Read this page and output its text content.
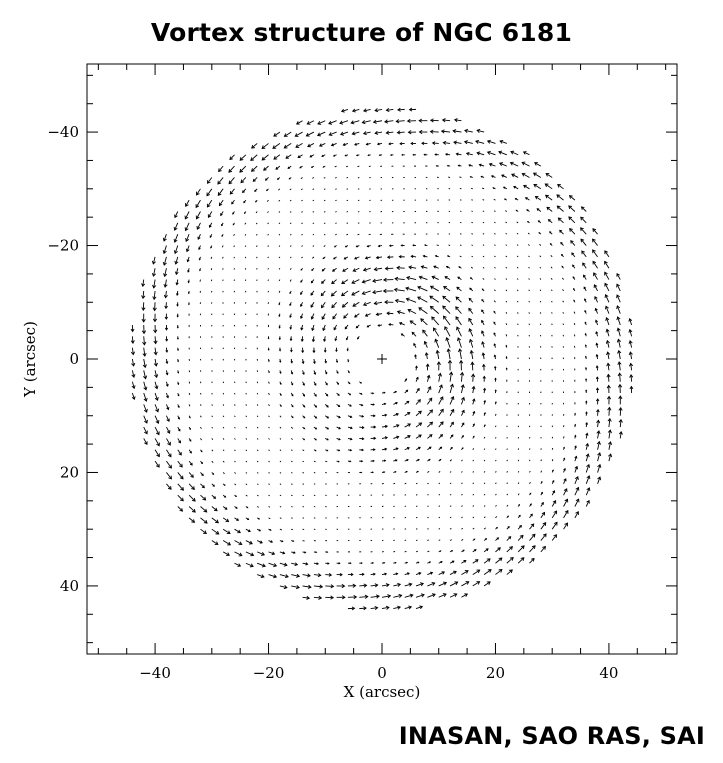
Vortex structure of NGC 6181
−40	−20	0	20	40
−40
−20
0
20
40
X (arcsec)
Y (arcsec)
INASAN, SAO RAS, SAI
